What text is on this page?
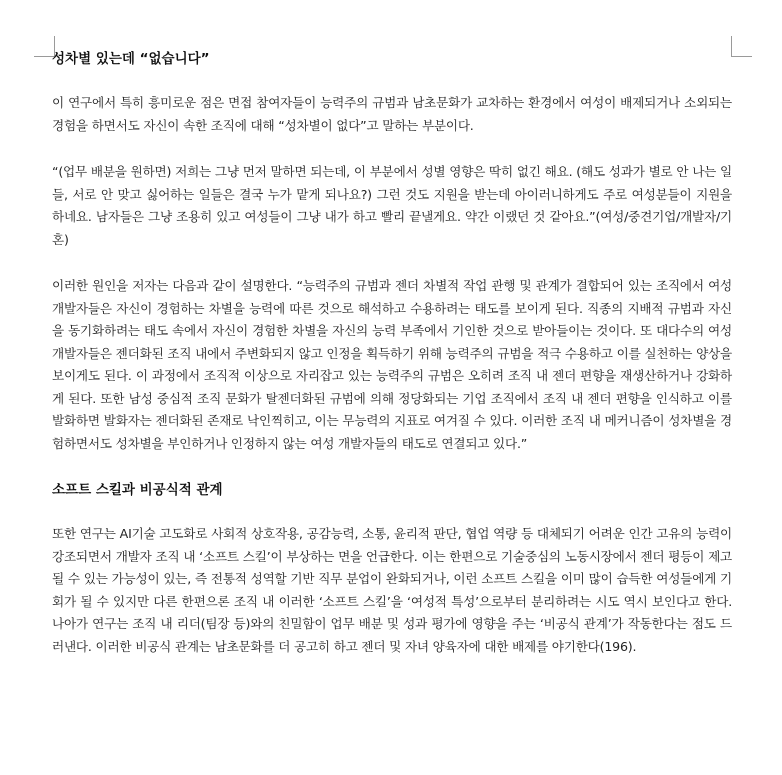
성차별 있는데 “없습니다”

이 연구에서 특히 흥미로운 점은 면접 참여자들이 능력주의 규범과 남초문화가 교차하는 환경에서 여성이 배제되거나 소외되는 경험을 하면서도 자신이 속한 조직에 대해 “성차별이 없다”고 말하는 부분이다.

“(업무 배분을 원하면) 저희는 그냥 먼저 말하면 되는데, 이 부분에서 성별 영향은 딱히 없긴 해요. (해도 성과가 별로 안 나는 일들, 서로 안 맞고 싫어하는 일들은 결국 누가 맡게 되나요?) 그런 것도 지원을 받는데 아이러니하게도 주로 여성분들이 지원을 하네요. 남자들은 그냥 조용히 있고 여성들이 그냥 내가 하고 빨리 끝낼게요. 약간 이랬던 것 같아요.”(여성/중견기업/개발자/기혼)

이러한 원인을 저자는 다음과 같이 설명한다. “능력주의 규범과 젠더 차별적 작업 관행 및 관계가 결합되어 있는 조직에서 여성 개발자들은 자신이 경험하는 차별을 능력에 따른 것으로 해석하고 수용하려는 태도를 보이게 된다. 직종의 지배적 규범과 자신을 동기화하려는 태도 속에서 자신이 경험한 차별을 자신의 능력 부족에서 기인한 것으로 받아들이는 것이다. 또 대다수의 여성 개발자들은 젠더화된 조직 내에서 주변화되지 않고 인정을 획득하기 위해 능력주의 규범을 적극 수용하고 이를 실천하는 양상을 보이게도 된다. 이 과정에서 조직적 이상으로 자리잡고 있는 능력주의 규범은 오히려 조직 내 젠더 편향을 재생산하거나 강화하게 된다. 또한 남성 중심적 조직 문화가 탈젠더화된 규범에 의해 정당화되는 기업 조직에서 조직 내 젠더 편향을 인식하고 이를 발화하면 발화자는 젠더화된 존재로 낙인찍히고, 이는 무능력의 지표로 여겨질 수 있다. 이러한 조직 내 메커니즘이 성차별을 경험하면서도 성차별을 부인하거나 인정하지 않는 여성 개발자들의 태도로 연결되고 있다.”

소프트 스킬과 비공식적 관계

또한 연구는 AI기술 고도화로 사회적 상호작용, 공감능력, 소통, 윤리적 판단, 협업 역량 등 대체되기 어려운 인간 고유의 능력이 강조되면서 개발자 조직 내 ‘소프트 스킬’이 부상하는 면을 언급한다. 이는 한편으로 기술중심의 노동시장에서 젠더 평등이 제고될 수 있는 가능성이 있는, 즉 전통적 성역할 기반 직무 분업이 완화되거나, 이런 소프트 스킬을 이미 많이 습득한 여성들에게 기회가 될 수 있지만 다른 한편으론 조직 내 이러한 ‘소프트 스킬’을 ‘여성적 특성’으로부터 분리하려는 시도 역시 보인다고 한다. 나아가 연구는 조직 내 리더(팀장 등)와의 친밀함이 업무 배분 및 성과 평가에 영향을 주는 ‘비공식 관계’가 작동한다는 점도 드러낸다. 이러한 비공식 관계는 남초문화를 더 공고히 하고 젠더 및 자녀 양육자에 대한 배제를 야기한다(196).
